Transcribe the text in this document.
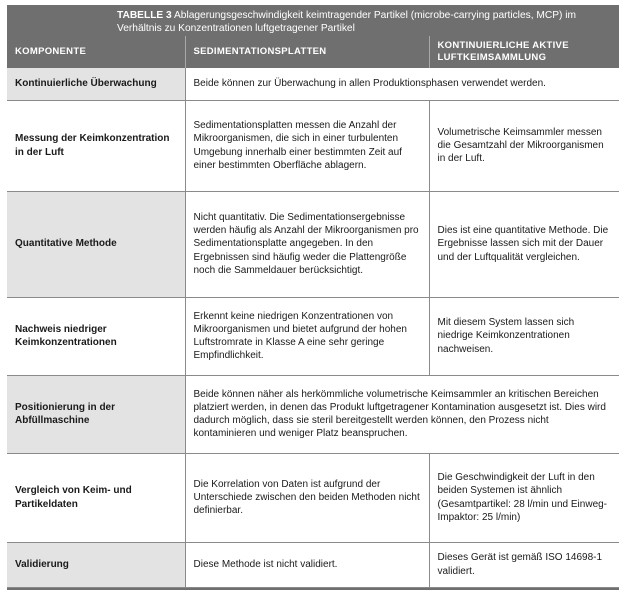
TABELLE 3 Ablagerungsgeschwindigkeit keimtragender Partikel (microbe-carrying particles, MCP) im Verhältnis zu Konzentrationen luftgetragener Partikel
KOMPONENTE	SEDIMENTATIONSPLATTEN	KONTINUIERLICHE AKTIVE LUFTKEIMSAMMLUNG
Kontinuierliche Überwachung	Beide können zur Überwachung in allen Produktionsphasen verwendet werden.	
Messung der Keimkonzentration in der Luft	Sedimentationsplatten messen die Anzahl der Mikroorganismen, die sich in einer turbulenten Umgebung innerhalb einer bestimmten Zeit auf einer bestimmten Oberfläche ablagern.	Volumetrische Keimsammler messen die Gesamtzahl der Mikroorganismen in der Luft.
Quantitative Methode	Nicht quantitativ. Die Sedimentationsergebnisse werden häufig als Anzahl der Mikroorganismen pro Sedimentationsplatte angegeben. In den Ergebnissen sind häufig weder die Plattengröße noch die Sammeldauer berücksichtigt.	Dies ist eine quantitative Methode. Die Ergebnisse lassen sich mit der Dauer und der Luftqualität vergleichen.
Nachweis niedriger Keimkonzentrationen	Erkennt keine niedrigen Konzentrationen von Mikroorganismen und bietet aufgrund der hohen Luftstromrate in Klasse A eine sehr geringe Empfindlichkeit.	Mit diesem System lassen sich niedrige Keimkonzentrationen nachweisen.
Positionierung in der Abfüllmaschine	Beide können näher als herkömmliche volumetrische Keimsammler an kritischen Bereichen platziert werden, in denen das Produkt luftgetragener Kontamination ausgesetzt ist. Dies wird dadurch möglich, dass sie steril bereitgestellt werden können, den Prozess nicht kontaminieren und weniger Platz beanspruchen.	
Vergleich von Keim- und Partikeldaten	Die Korrelation von Daten ist aufgrund der Unterschiede zwischen den beiden Methoden nicht definierbar.	Die Geschwindigkeit der Luft in den beiden Systemen ist ähnlich (Gesamtpartikel: 28 l/min und Einweg-Impaktor: 25 l/min)
Validierung	Diese Methode ist nicht validiert.	Dieses Gerät ist gemäß ISO 14698-1 validiert.
